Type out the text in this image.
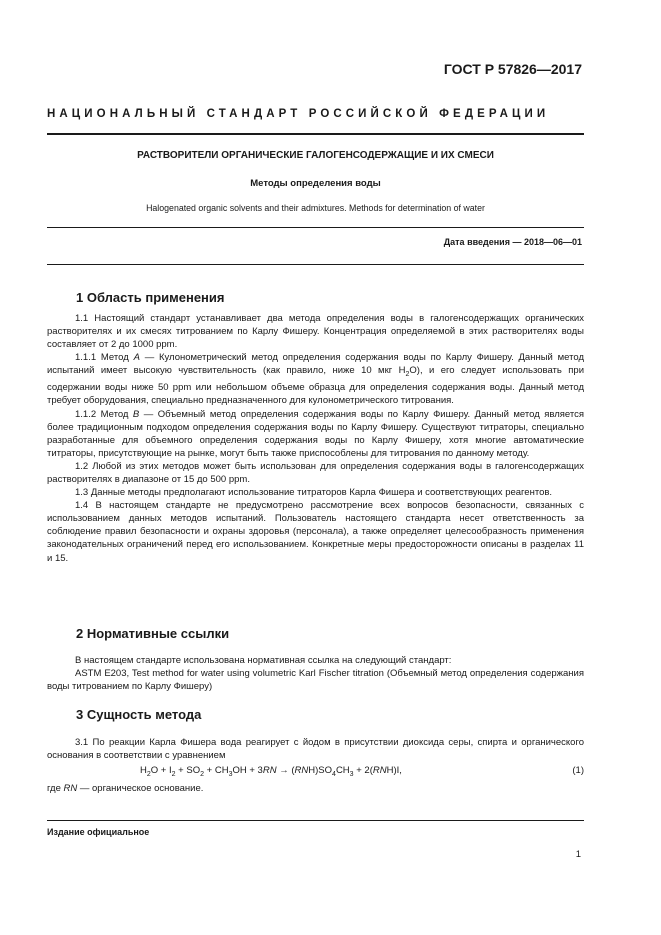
ГОСТ Р 57826—2017
НАЦИОНАЛЬНЫЙ СТАНДАРТ РОССИЙСКОЙ ФЕДЕРАЦИИ
РАСТВОРИТЕЛИ ОРГАНИЧЕСКИЕ ГАЛОГЕНСОДЕРЖАЩИЕ И ИХ СМЕСИ
Методы определения воды
Halogenated organic solvents and their admixtures. Methods for determination of water
Дата введения — 2018—06—01
1 Область применения

1.1 Настоящий стандарт устанавливает два метода определения воды в галогенсодержащих органических растворителях и их смесях титрованием по Карлу Фишеру. Концентрация определяемой в этих растворителях воды составляет от 2 до 1000 ppm.

1.1.1 Метод A — Кулонометрический метод определения содержания воды по Карлу Фишеру. Данный метод испытаний имеет высокую чувствительность (как правило, ниже 10 мкг $H_2O$), и его следует использовать при содержании воды ниже 50 ppm или небольшом объеме образца для определения содержания воды. Данный метод требует оборудования, специально предназначенного для кулонометрического титрования.

1.1.2 Метод B — Объемный метод определения содержания воды по Карлу Фишеру. Данный метод является более традиционным подходом определения содержания воды по Карлу Фишеру. Существуют титраторы, специально разработанные для объемного определения содержания воды по Карлу Фишеру, хотя многие автоматические титраторы, присутствующие на рынке, могут быть также приспособлены для титрования по данному методу.

1.2 Любой из этих методов может быть использован для определения содержания воды в галогенсодержащих растворителях в диапазоне от 15 до 500 ppm.

1.3 Данные методы предполагают использование титраторов Карла Фишера и соответствующих реагентов.

1.4 В настоящем стандарте не предусмотрено рассмотрение всех вопросов безопасности, связанных с использованием данных методов испытаний. Пользователь настоящего стандарта несет ответственность за соблюдение правил безопасности и охраны здоровья (персонала), а также определяет целесообразность применения законодательных ограничений перед его использованием. Конкретные меры предосторожности описаны в разделах 11 и 15.

2 Нормативные ссылки

В настоящем стандарте использована нормативная ссылка на следующий стандарт:

ASTM E203, Test method for water using volumetric Karl Fischer titration (Объемный метод определения содержания воды титрованием по Карлу Фишеру)

3 Сущность метода

3.1 По реакции Карла Фишера вода реагирует с йодом в присутствии диоксида серы, спирта и органического основания в соответствии с уравнением

$H_2O + I_2 + SO_2 + CH_3OH + 3RN \to (RNH)SO_4CH_3 + 2(RNH)I$,	(1)
где RN — органическое основание.
Издание официальное
1
